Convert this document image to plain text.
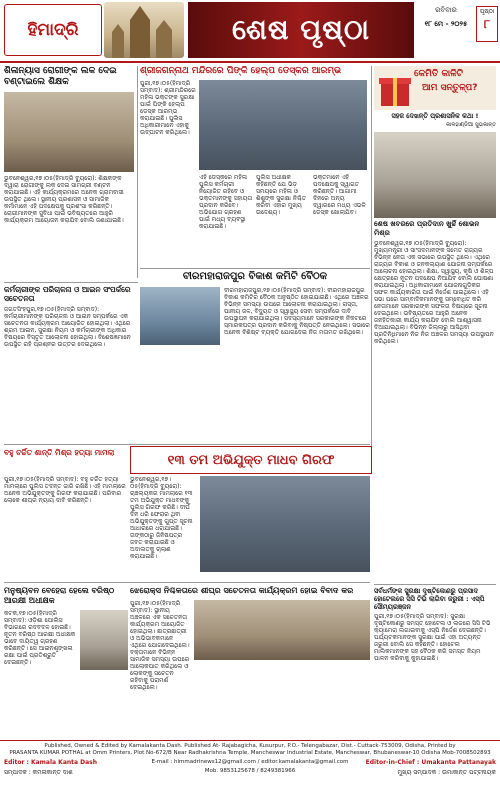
ହିମାଦ୍ରି	ଶେଷ ପୃଷ୍ଠା
ରବିବାର
୧୮ ମେ - ୨୦୨୫
ପୃଷ୍ଠା
୮
ଶିଳାନ୍ୟାସ ରୋଗୀଙ୍କ ଲକ ଦେଇ ବଣ୍ଟାଇଲେ ଶିକ୍ଷକ
ଭୁବନେଶ୍ୱର,୧୭।୦୫(ହିମାଦ୍ରି ବ୍ୟୁରୋ): ଶିକ୍ଷକଙ୍କ ଦ୍ୱାରା ରୋଗୀଙ୍କୁ ଲକ ଦେଇ ସାମଗ୍ରୀ ବଣ୍ଟନ କରାଯାଇଛି। ଏହି କାର୍ଯ୍ୟକ୍ରମରେ ଅନେକ ଗ୍ରାମବାସୀ ଉପସ୍ଥିତ ଥିଲେ। ସ୍ଥାନୀୟ ପ୍ରଶାସନ ଓ ସାମାଜିକ କର୍ମୀମାନେ ଏହି ପଦକ୍ଷେପକୁ ପ୍ରଶଂସା କରିଛନ୍ତି। ରୋଗୀମାନଙ୍କ ସୁବିଧା ପାଇଁ ଭବିଷ୍ୟତରେ ଆହୁରି କାର୍ଯ୍ୟକ୍ରମ ଆୟୋଜନ କରାଯିବ ବୋଲି ଜଣାଯାଇଛି।
ଶ୍ରୀଜଗନ୍ନାଥ ମନ୍ଦିରରେ ପିଙ୍କି ହେଲ୍ପ ଡେସ୍କର ଆରମ୍ଭ
ପୁରୀ,୧୭।୦୫(ହିମାଦ୍ରି ସମ୍ବାଦ): ଶ୍ରୀମନ୍ଦିରରେ ମହିଳା ଭକ୍ତଙ୍କ ସୁରକ୍ଷା ପାଇଁ ପିଙ୍କି ହେଲ୍ପ ଡେସ୍କ ଆରମ୍ଭ କରାଯାଇଛି। ପୁଲିସ ଅଧିକାରୀମାନେ ଏହାକୁ ଉଦ୍‌ଘାଟନ କରିଥିଲେ।
ଏହି ଡେସ୍କରେ ମହିଳା ପୁଲିସ କର୍ମଚାରୀ ନିୟୋଜିତ ରହିବେ ଓ ଭକ୍ତମାନଙ୍କୁ ସହାୟତା ପ୍ରଦାନ କରିବେ। ଅଭିଯୋଗ ଗ୍ରହଣ ପାଇଁ ମଧ୍ୟ ବ୍ୟବସ୍ଥା କରାଯାଇଛି।
ପୁଲିସ ଅଧୀକ୍ଷକ କହିଛନ୍ତି ଯେ ଭିଡ଼ ସମୟରେ ମହିଳା ଓ ଶିଶୁଙ୍କ ସୁରକ୍ଷା ନିଶ୍ଚିତ କରିବା ଏହାର ମୁଖ୍ୟ ଉଦ୍ଦେଶ୍ୟ।
ଭକ୍ତମାନେ ଏହି ପଦକ୍ଷେପକୁ ସ୍ୱାଗତ କରିଛନ୍ତି। ଆଗାମୀ ଦିନରେ ଅନ୍ୟ ଦ୍ୱାରରେ ମଧ୍ୟ ଏଭଳି ଡେସ୍କ ଖୋଲାଯିବ।
କେମିତି କାଳିଟି
ଆମ ସନ୍ତୁଳ୍ପ?
ସହଜ ଦେଖନ୍ତି ପ୍ରଶାସନିକ କଥା !
କାଳହାଣ୍ଡିଆ ସୁଭକାନ୍ତ
ଶେଷ ଖବରରେ ପ୍ରତିଦାନ ଖୁର୍ଚ୍ଚି ଶୋଭନ ମିଶ୍ର
ଭୁବନେଶ୍ୱର,୧୭।୦୫(ହିମାଦ୍ରି ବ୍ୟୁରୋ): ମୁଖ୍ୟମନ୍ତ୍ରୀ ଓ ସାଂସଦମାନଙ୍କ ସମେତ ରାଜ୍ୟର ବିଭିନ୍ନ ନେତା ଏକ ସଭାରେ ଉପସ୍ଥିତ ଥିଲେ। ଏଥିରେ ରାଜ୍ୟର ବିକାଶ ଓ ଜନକଲ୍ୟାଣ ଯୋଜନା ସମ୍ପର୍କରେ ଆଲୋଚନା ହୋଇଥିଲା। ଶିକ୍ଷା, ସ୍ୱାସ୍ଥ୍ୟ, କୃଷି ଓ ଶିଳ୍ପ କ୍ଷେତ୍ରରେ ନୂତନ ପଦକ୍ଷେପ ନିଆଯିବ ବୋଲି ଘୋଷଣା କରାଯାଇଥିଲା। ଅଧିକାରୀମାନେ ଯୋଜନାଗୁଡ଼ିକର ସଫଳ କାର୍ଯ୍ୟକାରିତା ପାଇଁ ନିର୍ଦ୍ଦେଶ ପାଇଥିଲେ। ଏହି ସଭା ପରେ ସାମ୍ବାଦିକମାନଙ୍କୁ ସମ୍ବୋଧିତ କରି ନେତାମାନେ ସରକାରଙ୍କ ସଫଳତା ବିଷୟରେ ସୂଚନା ଦେଇଥିଲେ। ଭବିଷ୍ୟତରେ ଆହୁରି ଅନେକ ଜନହିତକାରୀ କାର୍ଯ୍ୟ କରାଯିବ ବୋଲି ଆଶ୍ୱାସନା ଦିଆଯାଇଥିଲା। ବିଭିନ୍ନ ଜିଲ୍ଲାରୁ ଆସିଥିବା ପ୍ରତିନିଧିମାନେ ନିଜ ନିଜ ଅଞ୍ଚଳର ସମସ୍ୟା ଉପସ୍ଥାପନ କରିଥିଲେ।
କର୍ମଚାରୀଙ୍କ ପରିଚାଳନା ଓ ଆଇନ ସଂପର୍କରେ ସଚେତନତା
ଜଗତସିଂହପୁର,୧୭।୦୫(ହିମାଦ୍ରି ସମ୍ବାଦ): କର୍ମଚାରୀମାନଙ୍କ ପରିଚାଳନା ଓ ଆଇନ ସମ୍ପର୍କରେ ଏକ ସଚେତନତା କାର୍ଯ୍ୟକ୍ରମ ଆୟୋଜିତ ହୋଇଥିଲା। ଏଥିରେ ଶ୍ରମ ଆଇନ, ସୁରକ୍ଷା ନିୟମ ଓ କର୍ମଚାରୀଙ୍କ ଅଧିକାର ବିଷୟରେ ବିସ୍ତୃତ ଆଲୋଚନା ହୋଇଥିଲା। ବିଶେଷଜ୍ଞମାନେ ଉପସ୍ଥିତ ରହି ପ୍ରଶ୍ନର ଉତ୍ତର ଦେଇଥିଲେ।
ବୀରମହାରାଜପୁର ବିକାଶ କମିଟି ବୈଠକ
ବୀରମହାରାଜପୁର,୧୭।୦୫(ହିମାଦ୍ରି ସମ୍ବାଦ): ବୀରମହାରାଜପୁର ବିକାଶ କମିଟିର ବୈଠକ ଅନୁଷ୍ଠିତ ହୋଇଯାଇଛି। ଏଥିରେ ଅଞ୍ଚଳର ବିଭିନ୍ନ ସମସ୍ୟା ଉପରେ ଆଲୋଚନା କରାଯାଇଥିଲା। ରାସ୍ତା, ପାନୀୟ ଜଳ, ବିଦ୍ୟୁତ ଓ ସ୍ୱାସ୍ଥ୍ୟ ସେବା ସମ୍ପର୍କରେ ଦାବି ଉପସ୍ଥାପନ କରାଯାଇଥିଲା। ସଦସ୍ୟମାନେ ସରକାରଙ୍କ ନିକଟରେ ସ୍ମାରକପତ୍ର ପ୍ରଦାନ କରିବାକୁ ନିଷ୍ପତ୍ତି ନେଇଥିଲେ। ସଭାରେ ଅନେକ ବିଶିଷ୍ଟ ବ୍ୟକ୍ତି ଯୋଗଦେଇ ନିଜ ମତାମତ ରଖିଥିଲେ।
ବହୁ ଚର୍ଚ୍ଚିତ ଶାନ୍ତି ମିଶ୍ର ହତ୍ୟା ମାମଲା	୧୩ ତମ ଅଭିଯୁକ୍ତ ମାଧବ ଗିରଫ
ପୁରୀ,୧୭।୦୫(ହିମାଦ୍ରି ସମ୍ବାଦ): ବହୁ ଚର୍ଚ୍ଚିତ ହତ୍ୟା ମାମଲାରେ ପୁଲିସ ତଦନ୍ତ ଜାରି ରଖିଛି। ଏହି ମାମଲାରେ ଅନେକ ଅଭିଯୁକ୍ତଙ୍କୁ ଗିରଫ କରାଯାଇଛି। ପରିବାର ଲୋକେ ଶୀଘ୍ର ନ୍ୟାୟ ଦାବି କରିଛନ୍ତି।
ଭୁବନେଶ୍ୱର,୧୭।୦୫(ହିମାଦ୍ରି ବ୍ୟୁରୋ): ଚାଞ୍ଚଲ୍ୟକର ମାମଲାରେ ୧୩ ତମ ଅଭିଯୁକ୍ତ ମାଧବଙ୍କୁ ପୁଲିସ ଗିରଫ କରିଛି। ଦୀର୍ଘ ଦିନ ଧରି ଫେରାର ଥିବା ଅଭିଯୁକ୍ତଙ୍କୁ ଗୁପ୍ତ ସୂଚନା ଆଧାରରେ ଧରାଯାଇଛି। ତାଙ୍କଠାରୁ ଜିନିଷପତ୍ର ଜବତ କରାଯାଇଛି ଓ ଅଦାଲତକୁ ଚାଲାଣ କରାଯାଇଛି।
ମନୁଷ୍ୟବନ ବେହେରା ହେଲେ ବରିଷ୍ଠ ଆରକ୍ଷୀ ଅଧୀକ୍ଷକ
କଟକ,୧୭।୦୫(ହିମାଦ୍ରି ସମ୍ବାଦ): ଓଡ଼ିଶା ପୋଲିସ ବିଭାଗରେ ରଦବଦଳ ହୋଇଛି। ନୂତନ ବରିଷ୍ଠ ଆରକ୍ଷୀ ଅଧୀକ୍ଷକ ଭାବେ ଦାୟିତ୍ୱ ଗ୍ରହଣ କରିଛନ୍ତି। ସେ ଆଇନଶୃଙ୍ଖଳା ରକ୍ଷା ପାଇଁ ପ୍ରତିଶ୍ରୁତି ଦେଇଛନ୍ତି।
ଝେରୋକ୍ସ ନିଶ୍ଚଳତାରେ ଶୀଘ୍ର ସଚେତନତା କାର୍ଯ୍ୟକ୍ରମ ହୋଇ ବିବାଦ କର
ପୁରୀ,୧୭।୦୫(ହିମାଦ୍ରି ସମ୍ବାଦ): ସ୍ଥାନୀୟ ଅଞ୍ଚଳରେ ଏକ ସଚେତନତା କାର୍ଯ୍ୟକ୍ରମ ଆୟୋଜିତ ହୋଇଥିଲା। ଛାତ୍ରଛାତ୍ରୀ ଓ ଅଭିଭାବକମାନେ ଏଥିରେ ଯୋଗଦେଇଥିଲେ। ବକ୍ତାମାନେ ବିଭିନ୍ନ ସାମାଜିକ ସମସ୍ୟା ଉପରେ ଆଲୋକପାତ କରିଥିଲେ ଓ ଲୋକଙ୍କୁ ସଚେତନ ରହିବାକୁ ପରାମର୍ଶ ଦେଇଥିଲେ।
ସର୍ବଧର୍ମଙ୍କ ସୁରକ୍ଷା ଦୃଷ୍ଟିକୋଣରୁ ପ୍ରସାଦ ହୋଟେଲରେ ସିସି ଟିଭି ଲାଗିବା ଜରୁରୀ : ଏସ୍‌ପି ସୌମ୍ୟରଞ୍ଜନ
ପୁରୀ,୧୭।୦୫(ହିମାଦ୍ରି ସମ୍ବାଦ): ସୁରକ୍ଷା ଦୃଷ୍ଟିକୋଣରୁ ସମସ୍ତ ହୋଟେଲ ଓ ଲଜରେ ସିସି ଟିଭି କ୍ୟାମେରା ଲଗାଇବାକୁ ଏସ୍‌ପି ନିର୍ଦ୍ଦେଶ ଦେଇଛନ୍ତି। ପର୍ଯ୍ୟଟକମାନଙ୍କ ସୁରକ୍ଷା ପାଇଁ ଏହା ଅତ୍ୟନ୍ତ ଜରୁରୀ ବୋଲି ସେ କହିଛନ୍ତି। ହୋଟେଲ ମାଲିକମାନଙ୍କ ସହ ବୈଠକ କରି ସମସ୍ତ ନିୟମ ପାଳନ କରିବାକୁ କୁହାଯାଇଛି।
Published, Owned & Edited by Kamalakanta Dash. Published At- Rajabagicha, Kusurpur, P.O.- Telengabazar, Dist.- Cuttack-753009, Odisha, Printed by
PRASANTA KUMAR POTHAL at Omm Printers, Plot No-672/B Near Radhakrishna Temple, Mancheswar Industrial Estate, Mancheswar, Bhubaneswar-10 Odisha Mob-7008502893
Editor : Kamala Kanta Dash
ସମ୍ପାଦକ : କମଳାକାନ୍ତ ଦାଶ
E-mail : himmadrinews12@gmail.com / editor.kamalakanta@gmail.com
Mob. 9853125678 / 8249381966
Editor-in-Chief : Umakanta Pattanayak
ମୁଖ୍ୟ ସମ୍ପାଦକ : ଉମାକାନ୍ତ ପଟ୍ଟନାୟକ
